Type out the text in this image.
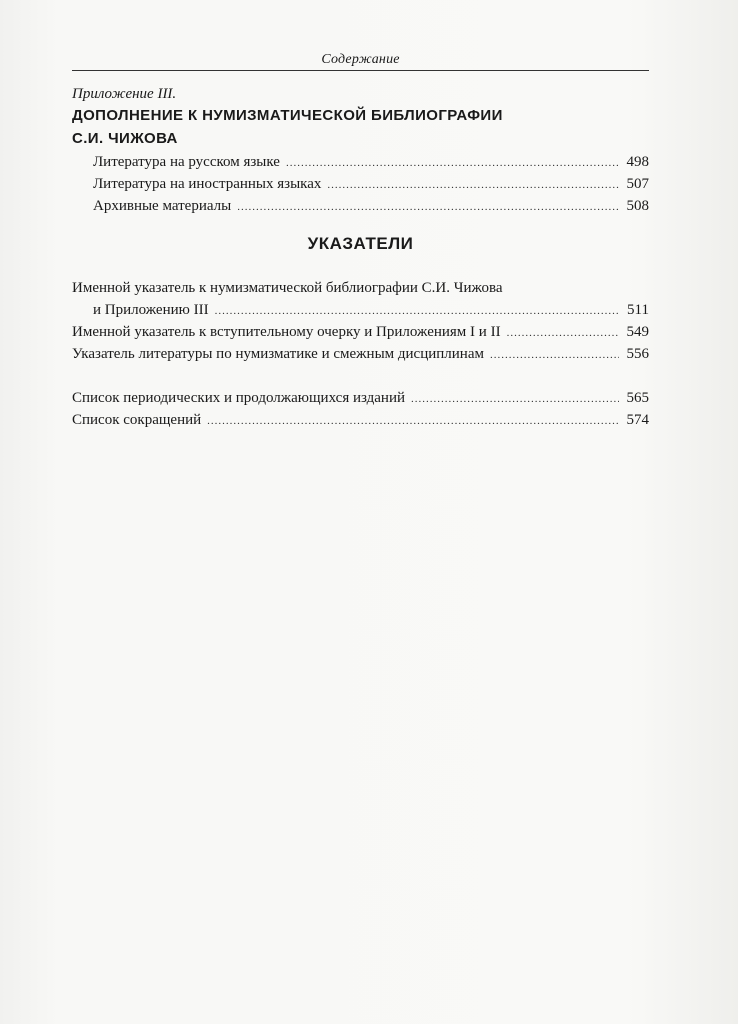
Содержание
Приложение III.
ДОПОЛНЕНИЕ К НУМИЗМАТИЧЕСКОЙ БИБЛИОГРАФИИ
С.И. ЧИЖОВА
Литература на русском языке .....	498
Литература на иностранных языках .....	507
Архивные материалы .....	508
УКАЗАТЕЛИ
Именной указатель к нумизматической библиографии С.И. Чижова
и Приложению III .....	511
Именной указатель к вступительному очерку и Приложениям I и II .....	549
Указатель литературы по нумизматике и смежным дисциплинам .....	556
Список периодических и продолжающихся изданий .....	565
Список сокращений .....	574
